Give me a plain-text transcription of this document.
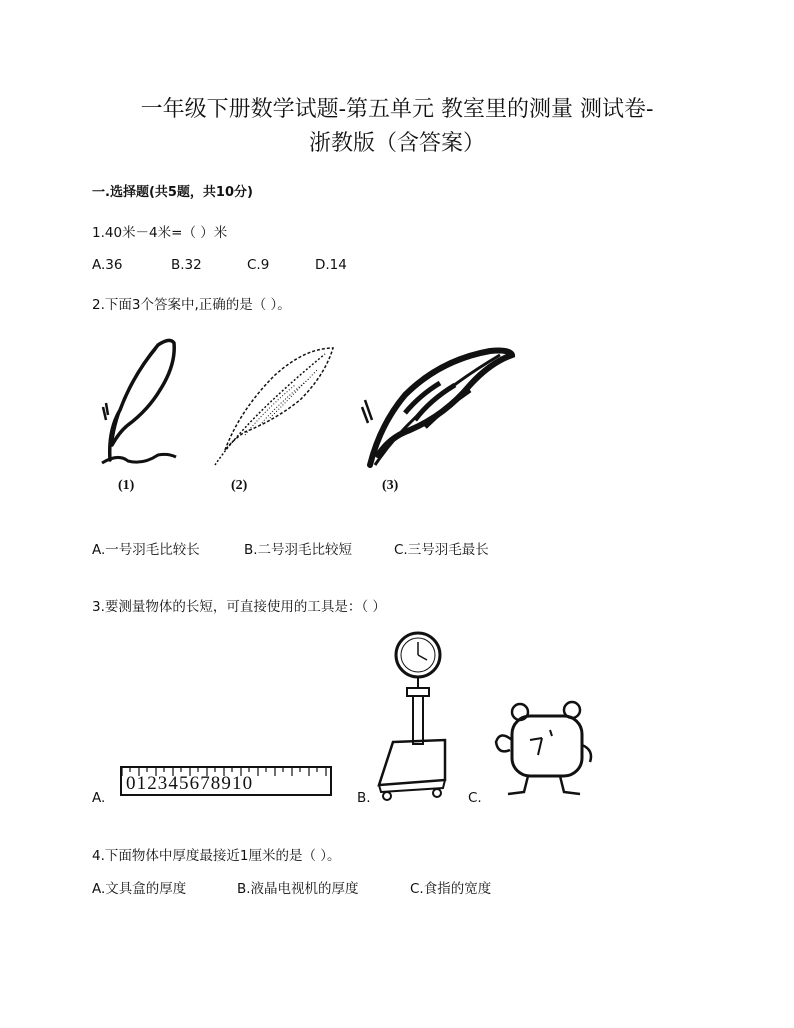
一年级下册数学试题-第五单元 教室里的测量 测试卷-
浙教版（含答案）
一.选择题(共5题，共10分)
1.40米－4米=（ ）米
A.36	B.32	C.9	D.14
2.下面3个答案中,正确的是（ ）。
(1)	(2)	(3)
A.一号羽毛比较长	B.二号羽毛比较短	C.三号羽毛最长
3.要测量物体的长短，可直接使用的工具是：（ ）
A.
012345678910
B.	C.
4.下面物体中厚度最接近1厘米的是（ ）。
A.文具盒的厚度	B.液晶电视机的厚度	C.食指的宽度
